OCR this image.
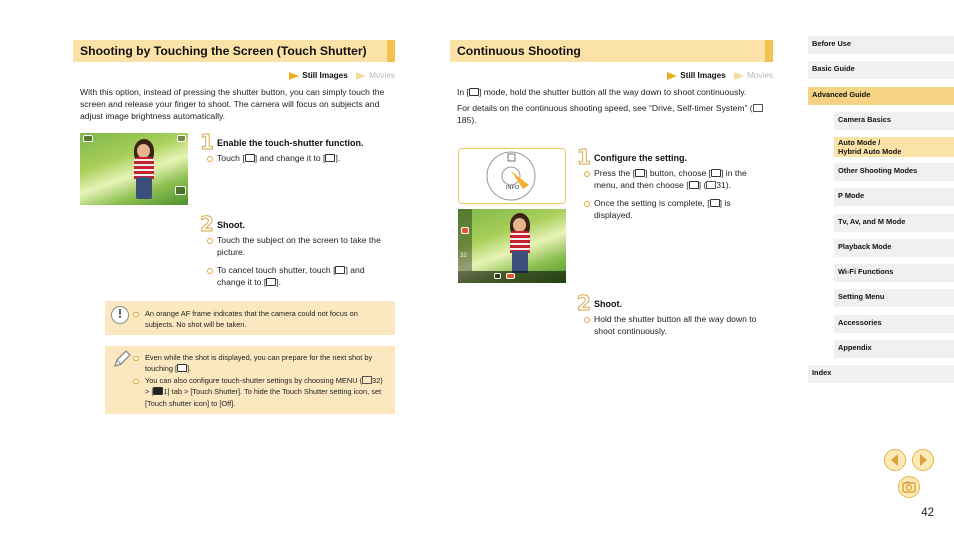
Shooting by Touching the Screen (Touch Shutter)
Still Images	Movies

With this option, instead of pressing the shutter button, you can simply touch the screen and release your finger to shoot. The camera will focus on subjects and adjust image brightness automatically.

1 Enable the touch-shutter function.
Touch [ ] and change it to [ ].
2 Shoot.
Touch the subject on the screen to take the picture.
To cancel touch shutter, touch [ ] and change it to [ ].
!	An orange AF frame indicates that the camera could not focus on subjects. No shot will be taken.
Even while the shot is displayed, you can prepare for the next shot by touching [ ].
You can also configure touch-shutter settings by choosing MENU ( 32) > [ 1] tab > [Touch Shutter]. To hide the Touch Shutter setting icon, set [Touch shutter icon] to [Off].
Continuous Shooting
Still Images	Movies

In [ ] mode, hold the shutter button all the way down to shoot continuously.

For details on the continuous shooting speed, see “Drive, Self-timer System” (185).

INFO
32
1 Configure the setting.
Press the [ ] button, choose [ ] in the menu, and then choose [ ] ( 31).
Once the setting is complete, [ ] is displayed.
2 Shoot.
Hold the shutter button all the way down to shoot continuously.
Before Use
Basic Guide
Advanced Guide
Camera Basics
Auto Mode /
Hybrid Auto Mode
Other Shooting Modes
P Mode
Tv, Av, and M Mode
Playback Mode
Wi-Fi Functions
Setting Menu
Accessories
Appendix
Index
42
